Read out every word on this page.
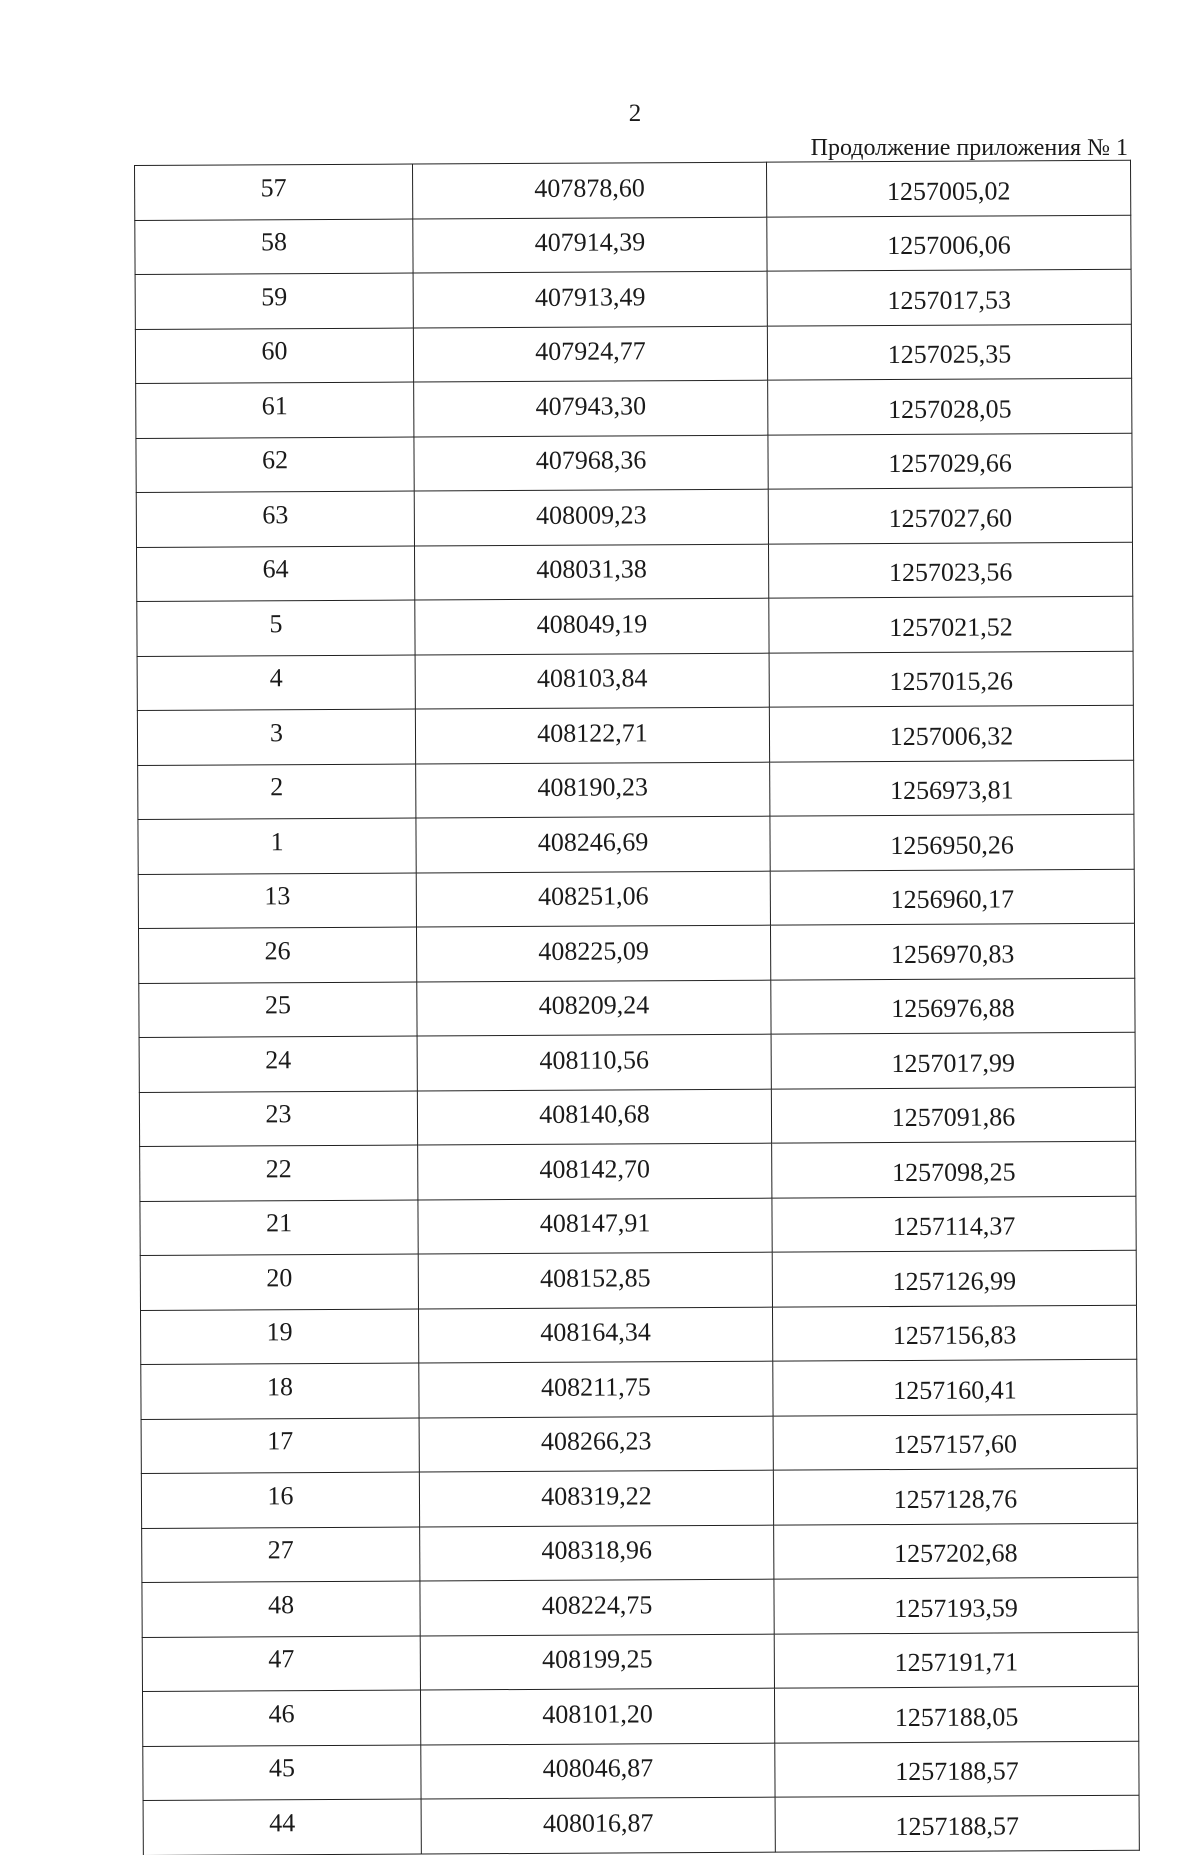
2
Продолжение приложения № 1
57	407878,60	1257005,02
58	407914,39	1257006,06
59	407913,49	1257017,53
60	407924,77	1257025,35
61	407943,30	1257028,05
62	407968,36	1257029,66
63	408009,23	1257027,60
64	408031,38	1257023,56
5	408049,19	1257021,52
4	408103,84	1257015,26
3	408122,71	1257006,32
2	408190,23	1256973,81
1	408246,69	1256950,26
13	408251,06	1256960,17
26	408225,09	1256970,83
25	408209,24	1256976,88
24	408110,56	1257017,99
23	408140,68	1257091,86
22	408142,70	1257098,25
21	408147,91	1257114,37
20	408152,85	1257126,99
19	408164,34	1257156,83
18	408211,75	1257160,41
17	408266,23	1257157,60
16	408319,22	1257128,76
27	408318,96	1257202,68
48	408224,75	1257193,59
47	408199,25	1257191,71
46	408101,20	1257188,05
45	408046,87	1257188,57
44	408016,87	1257188,57
